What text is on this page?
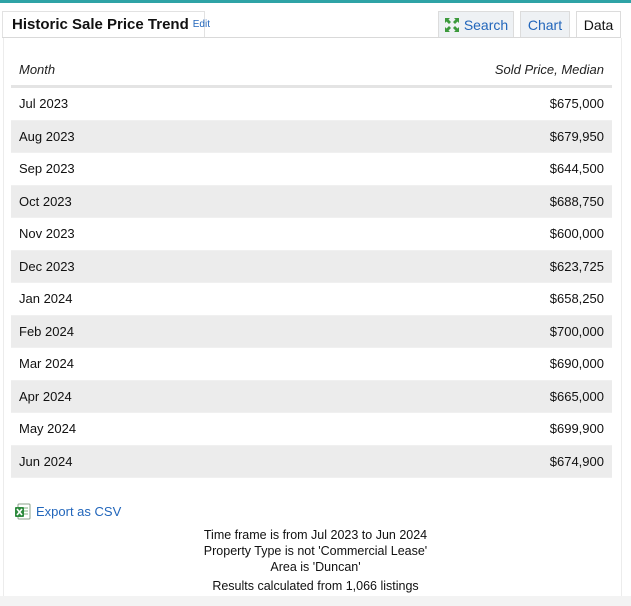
Historic Sale Price Trend Edit	Search Chart Data
Month	Sold Price, Median
Jul 2023	$675,000
Aug 2023	$679,950
Sep 2023	$644,500
Oct 2023	$688,750
Nov 2023	$600,000
Dec 2023	$623,725
Jan 2024	$658,250
Feb 2024	$700,000
Mar 2024	$690,000
Apr 2024	$665,000
May 2024	$699,900
Jun 2024	$674,900
Export as CSV
Time frame is from Jul 2023 to Jun 2024
Property Type is not 'Commercial Lease'
Area is 'Duncan'
Results calculated from 1,066 listings
